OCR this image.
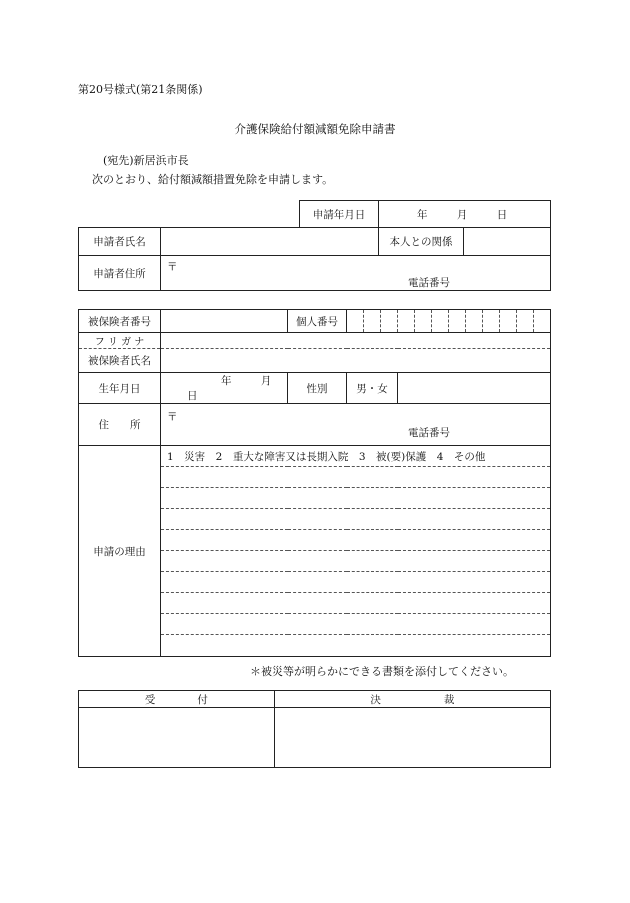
第20号様式(第21条関係)
介護保険給付額減額免除申請書
(宛先)新居浜市長
次のとおり、給付額減額措置免除を申請します。
		申請年月日	年 月 日	
申請者氏名			本人との関係	
申請者住所	〒
電話番号			
被保険者番号		個人番号		

フ リ ガ ナ				
被保険者氏名				
生年月日	年 月 日	性別	男・女	
住　　所	〒
電話番号			

申請の理由	1　災害　2　重大な障害又は長期入院　3　被(要)保護　4　その他			

＊被災等が明らかにできる書類を添付してください。
受　　　　付	決　　　　　　裁
